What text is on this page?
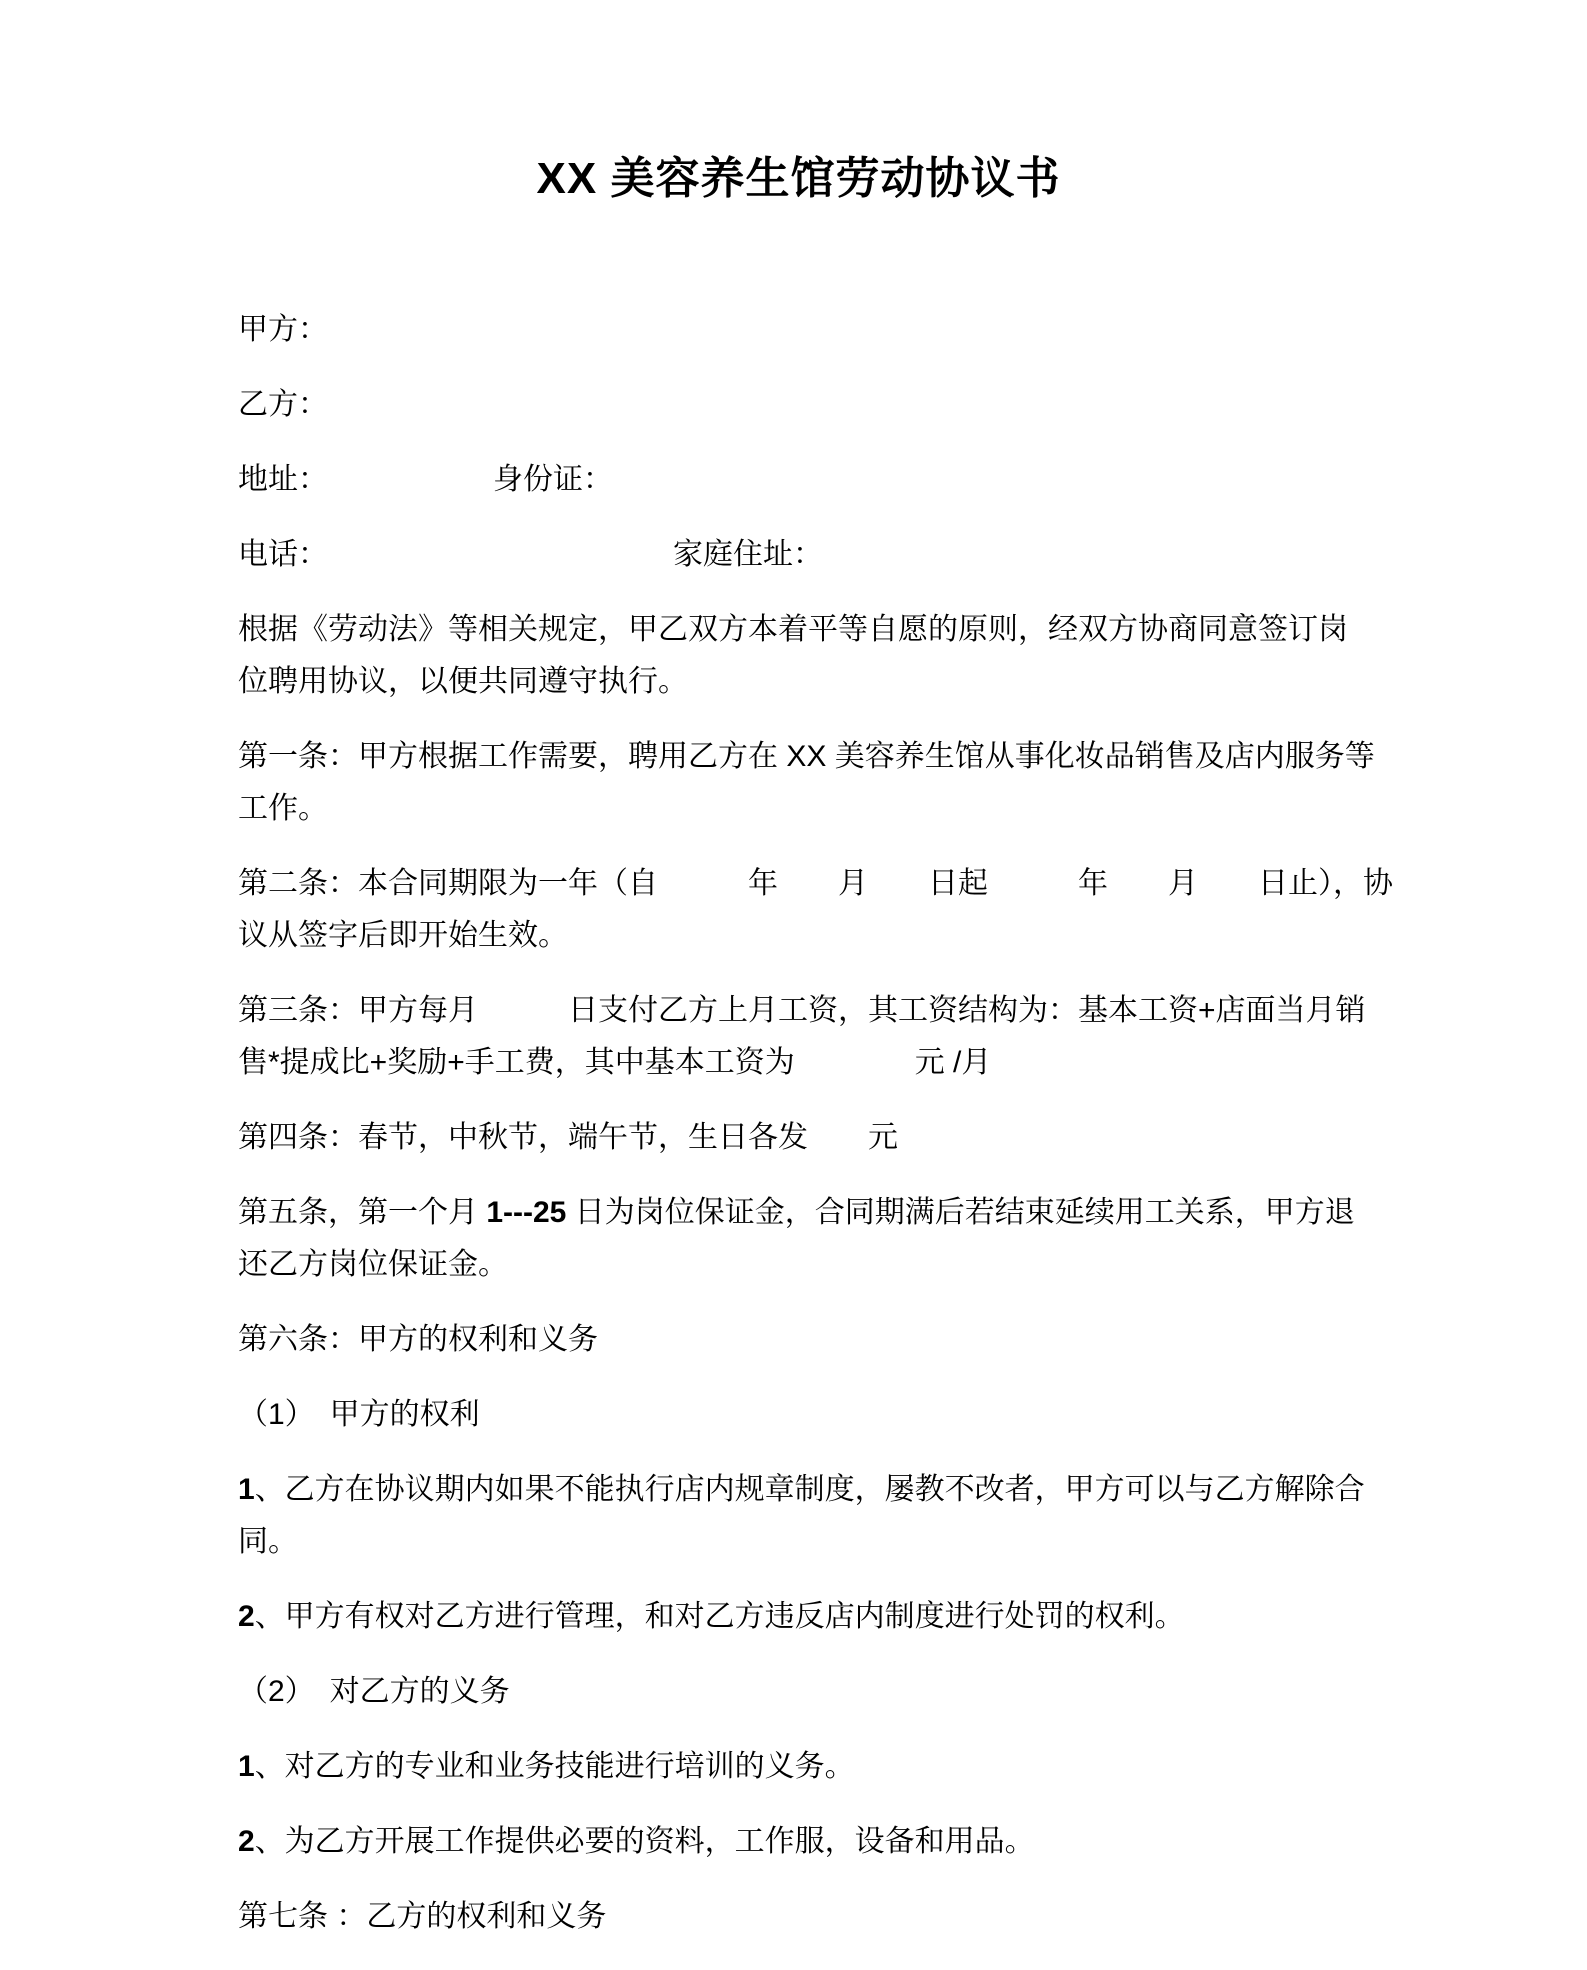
XX 美容养生馆劳动协议书
甲方：
乙方：
地址：　　　　　　身份证：
电话：　　　　　　　　　　　　家庭住址：
根据《劳动法》等相关规定，甲乙双方本着平等自愿的原则，经双方协商同意签订岗
位聘用协议，以便共同遵守执行。
第一条：甲方根据工作需要，聘用乙方在 XX 美容养生馆从事化妆品销售及店内服务等
工作。
第二条：本合同期限为一年（自　　　年　　月　　日起　　　年　　月　　日止），协
议从签字后即开始生效。
第三条：甲方每月　　　日支付乙方上月工资，其工资结构为：基本工资+店面当月销
售*提成比+奖励+手工费，其中基本工资为　　　　元 /月
第四条：春节，中秋节，端午节，生日各发　　元
第五条，第一个月 1---25 日为岗位保证金，合同期满后若结束延续用工关系，甲方退
还乙方岗位保证金。
第六条：甲方的权利和义务
（1）　甲方的权利
1、乙方在协议期内如果不能执行店内规章制度，屡教不改者，甲方可以与乙方解除合
同。
2、甲方有权对乙方进行管理，和对乙方违反店内制度进行处罚的权利。
（2）　对乙方的义务
1、对乙方的专业和业务技能进行培训的义务。
2、为乙方开展工作提供必要的资料，工作服，设备和用品。
第七条 ：乙方的权利和义务
